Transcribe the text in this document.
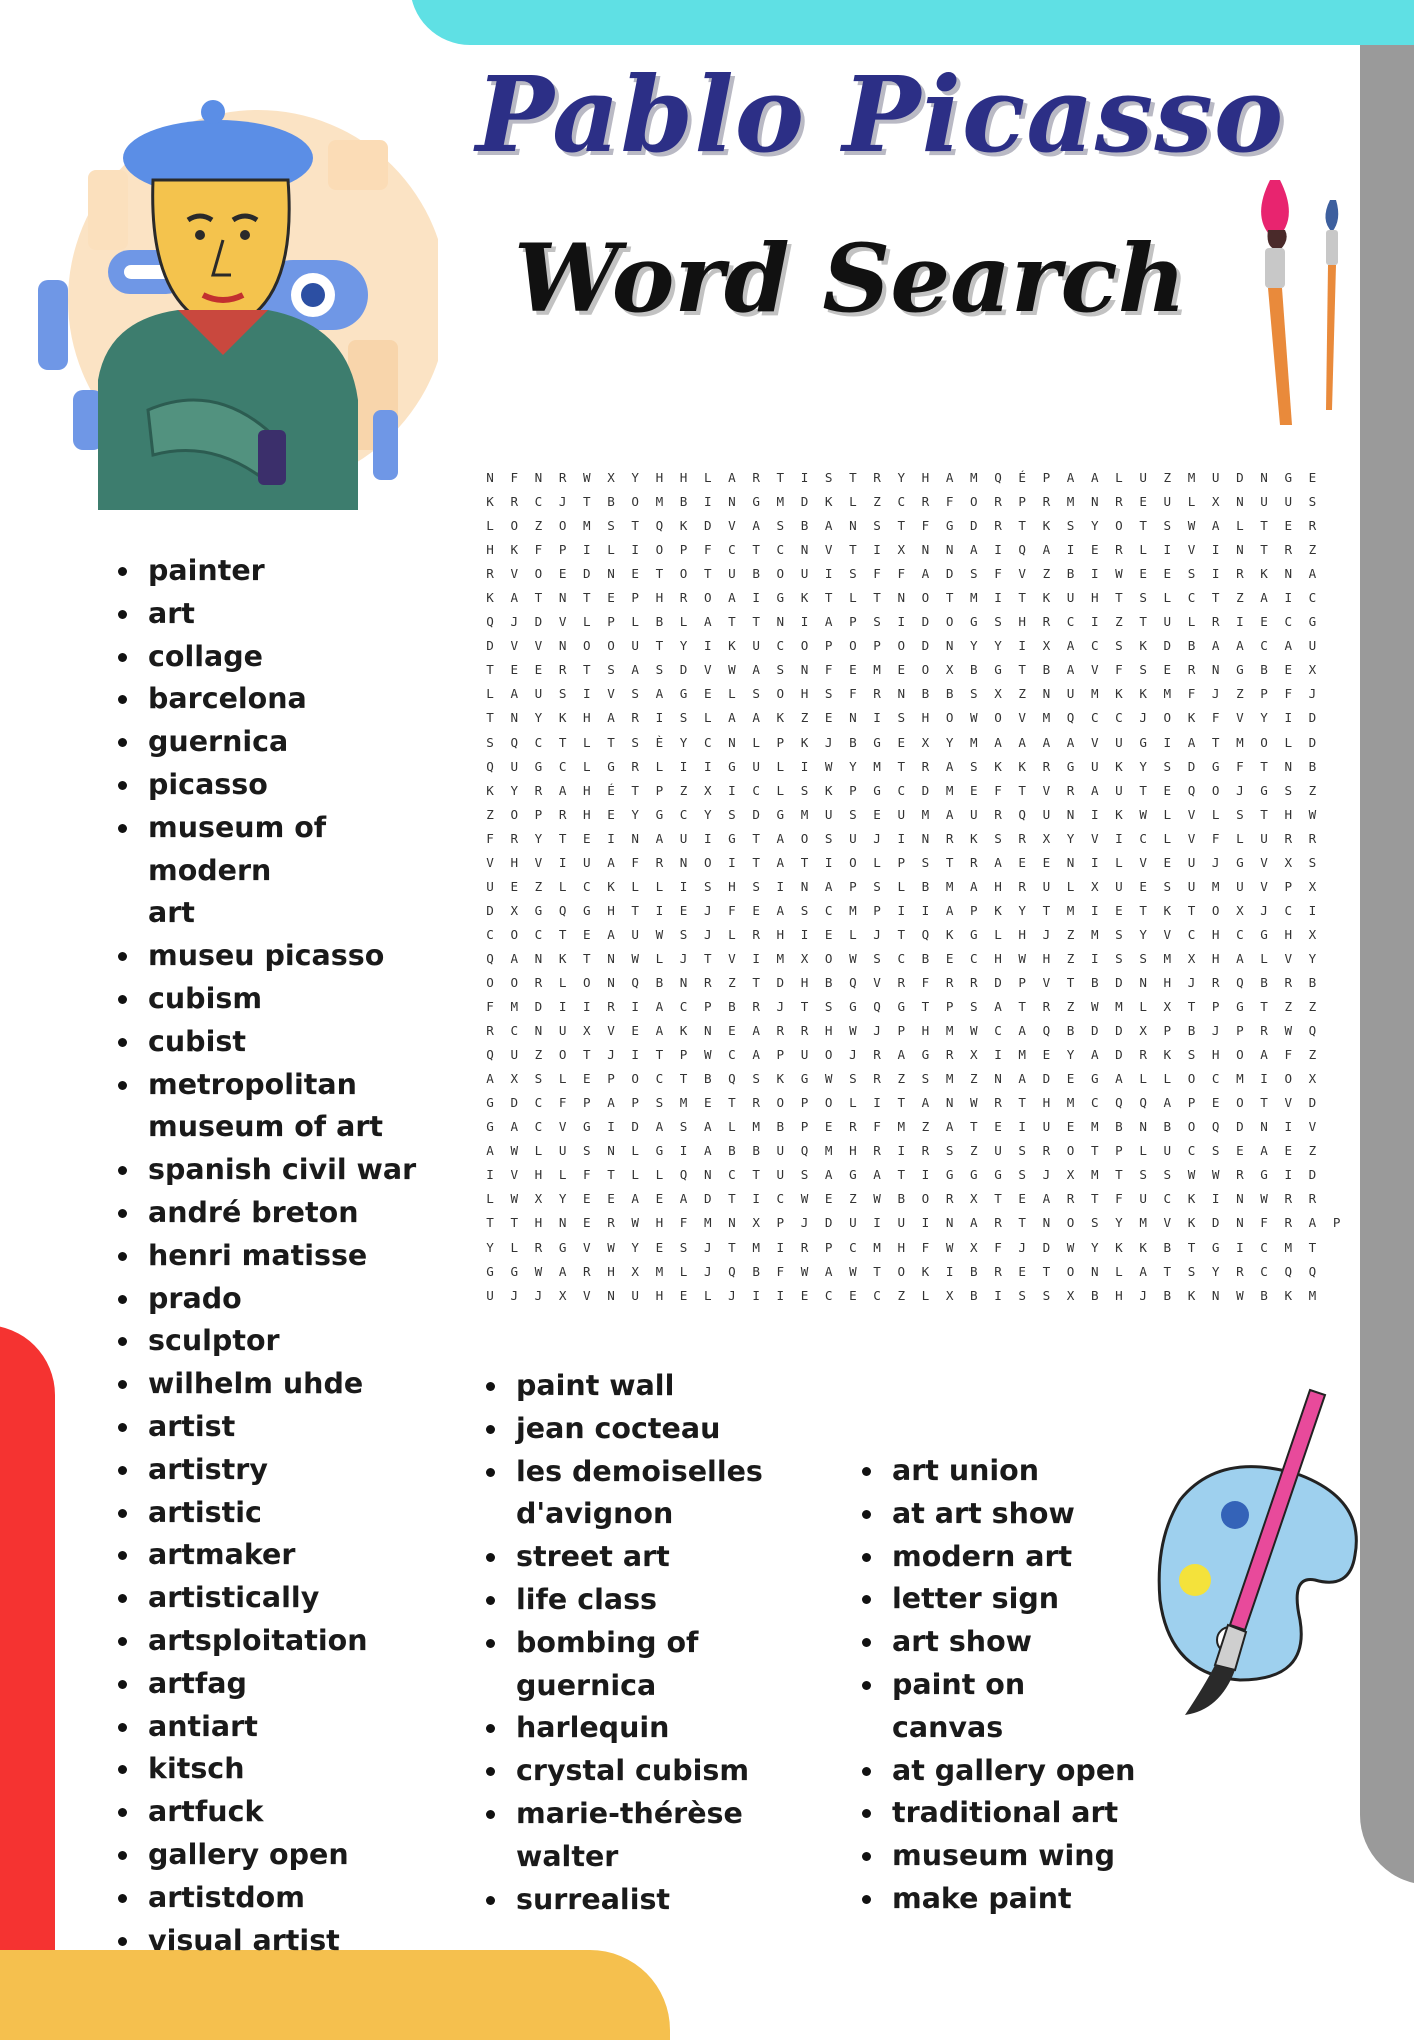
Pablo Picasso
Word Search
N	F	N	R	W	X	Y	H	H	L	A	R	T	I	S	T	R	Y	H	A	M	Q	É	P	A	A	L	U	Z	M	U	D	N	G	E
K	R	C	J	T	B	O	M	B	I	N	G	M	D	K	L	Z	C	R	F	O	R	P	R	M	N	R	E	U	L	X	N	U	U	S
L	O	Z	O	M	S	T	Q	K	D	V	A	S	B	A	N	S	T	F	G	D	R	T	K	S	Y	O	T	S	W	A	L	T	E	R
H	K	F	P	I	L	I	O	P	F	C	T	C	N	V	T	I	X	N	N	A	I	Q	A	I	E	R	L	I	V	I	N	T	R	Z
R	V	O	E	D	N	E	T	O	T	U	B	O	U	I	S	F	F	A	D	S	F	V	Z	B	I	W	E	E	S	I	R	K	N	A
K	A	T	N	T	E	P	H	R	O	A	I	G	K	T	L	T	N	O	T	M	I	T	K	U	H	T	S	L	C	T	Z	A	I	C
Q	J	D	V	L	P	L	B	L	A	T	T	N	I	A	P	S	I	D	O	G	S	H	R	C	I	Z	T	U	L	R	I	E	C	G
D	V	V	N	O	O	U	T	Y	I	K	U	C	O	P	O	P	O	D	N	Y	Y	I	X	A	C	S	K	D	B	A	A	C	A	U
T	E	E	R	T	S	A	S	D	V	W	A	S	N	F	E	M	E	O	X	B	G	T	B	A	V	F	S	E	R	N	G	B	E	X
L	A	U	S	I	V	S	A	G	E	L	S	O	H	S	F	R	N	B	B	S	X	Z	N	U	M	K	K	M	F	J	Z	P	F	J
T	N	Y	K	H	A	R	I	S	L	A	A	K	Z	E	N	I	S	H	O	W	O	V	M	Q	C	C	J	O	K	F	V	Y	I	D
S	Q	C	T	L	T	S	È	Y	C	N	L	P	K	J	B	G	E	X	Y	M	A	A	A	A	V	U	G	I	A	T	M	O	L	D
Q	U	G	C	L	G	R	L	I	I	G	U	L	I	W	Y	M	T	R	A	S	K	K	R	G	U	K	Y	S	D	G	F	T	N	B
K	Y	R	A	H	É	T	P	Z	X	I	C	L	S	K	P	G	C	D	M	E	F	T	V	R	A	U	T	E	Q	O	J	G	S	Z
Z	O	P	R	H	E	Y	G	C	Y	S	D	G	M	U	S	E	U	M	A	U	R	Q	U	N	I	K	W	L	V	L	S	T	H	W
F	R	Y	T	E	I	N	A	U	I	G	T	A	O	S	U	J	I	N	R	K	S	R	X	Y	V	I	C	L	V	F	L	U	R	R
V	H	V	I	U	A	F	R	N	O	I	T	A	T	I	O	L	P	S	T	R	A	E	E	N	I	L	V	E	U	J	G	V	X	S
U	E	Z	L	C	K	L	L	I	S	H	S	I	N	A	P	S	L	B	M	A	H	R	U	L	X	U	E	S	U	M	U	V	P	X
D	X	G	Q	G	H	T	I	E	J	F	E	A	S	C	M	P	I	I	A	P	K	Y	T	M	I	E	T	K	T	O	X	J	C	I
C	O	C	T	E	A	U	W	S	J	L	R	H	I	E	L	J	T	Q	K	G	L	H	J	Z	M	S	Y	V	C	H	C	G	H	X
Q	A	N	K	T	N	W	L	J	T	V	I	M	X	O	W	S	C	B	E	C	H	W	H	Z	I	S	S	M	X	H	A	L	V	Y
O	O	R	L	O	N	Q	B	N	R	Z	T	D	H	B	Q	V	R	F	R	R	D	P	V	T	B	D	N	H	J	R	Q	B	R	B
F	M	D	I	I	R	I	A	C	P	B	R	J	T	S	G	Q	G	T	P	S	A	T	R	Z	W	M	L	X	T	P	G	T	Z	Z
R	C	N	U	X	V	E	A	K	N	E	A	R	R	H	W	J	P	H	M	W	C	A	Q	B	D	D	X	P	B	J	P	R	W	Q
Q	U	Z	O	T	J	I	T	P	W	C	A	P	U	O	J	R	A	G	R	X	I	M	E	Y	A	D	R	K	S	H	O	A	F	Z
A	X	S	L	E	P	O	C	T	B	Q	S	K	G	W	S	R	Z	S	M	Z	N	A	D	E	G	A	L	L	O	C	M	I	O	X
G	D	C	F	P	A	P	S	M	E	T	R	O	P	O	L	I	T	A	N	W	R	T	H	M	C	Q	Q	A	P	E	O	T	V	D
G	A	C	V	G	I	D	A	S	A	L	M	B	P	E	R	F	M	Z	A	T	E	I	U	E	M	B	N	B	O	Q	D	N	I	V
A	W	L	U	S	N	L	G	I	A	B	B	U	Q	M	H	R	I	R	S	Z	U	S	R	O	T	P	L	U	C	S	E	A	E	Z
I	V	H	L	F	T	L	L	Q	N	C	T	U	S	A	G	A	T	I	G	G	G	S	J	X	M	T	S	S	W	W	R	G	I	D
L	W	X	Y	E	E	A	E	A	D	T	I	C	W	E	Z	W	B	O	R	X	T	E	A	R	T	F	U	C	K	I	N	W	R	R
T	T	H	N	E	R	W	H	F	M	N	X	P	J	D	U	I	U	I	N	A	R	T	N	O	S	Y	M	V	K	D	N	F	R	A	P
Y	L	R	G	V	W	Y	E	S	J	T	M	I	R	P	C	M	H	F	W	X	F	J	D	W	Y	K	K	B	T	G	I	C	M	T
G	G	W	A	R	H	X	M	L	J	Q	B	F	W	A	W	T	O	K	I	B	R	E	T	O	N	L	A	T	S	Y	R	C	Q	Q
U	J	J	X	V	N	U	H	E	L	J	I	I	E	C	E	C	Z	L	X	B	I	S	S	X	B	H	J	B	K	N	W	B	K	M
painter
art
collage
barcelona
guernica
picasso
museum of modern
art
museu picasso
cubism
cubist
metropolitan
museum of art
spanish civil war
andré breton
henri matisse
prado
sculptor
wilhelm uhde
artist
artistry
artistic
artmaker
artistically
artsploitation
artfag
antiart
kitsch
artfuck
gallery open
artistdom
visual artist
paint wall
jean cocteau
les demoiselles
d'avignon
street art
life class
bombing of
guernica
harlequin
crystal cubism
marie-thérèse
walter
surrealist
art union
at art show
modern art
letter sign
art show
paint on
canvas
at gallery open
traditional art
museum wing
make paint
